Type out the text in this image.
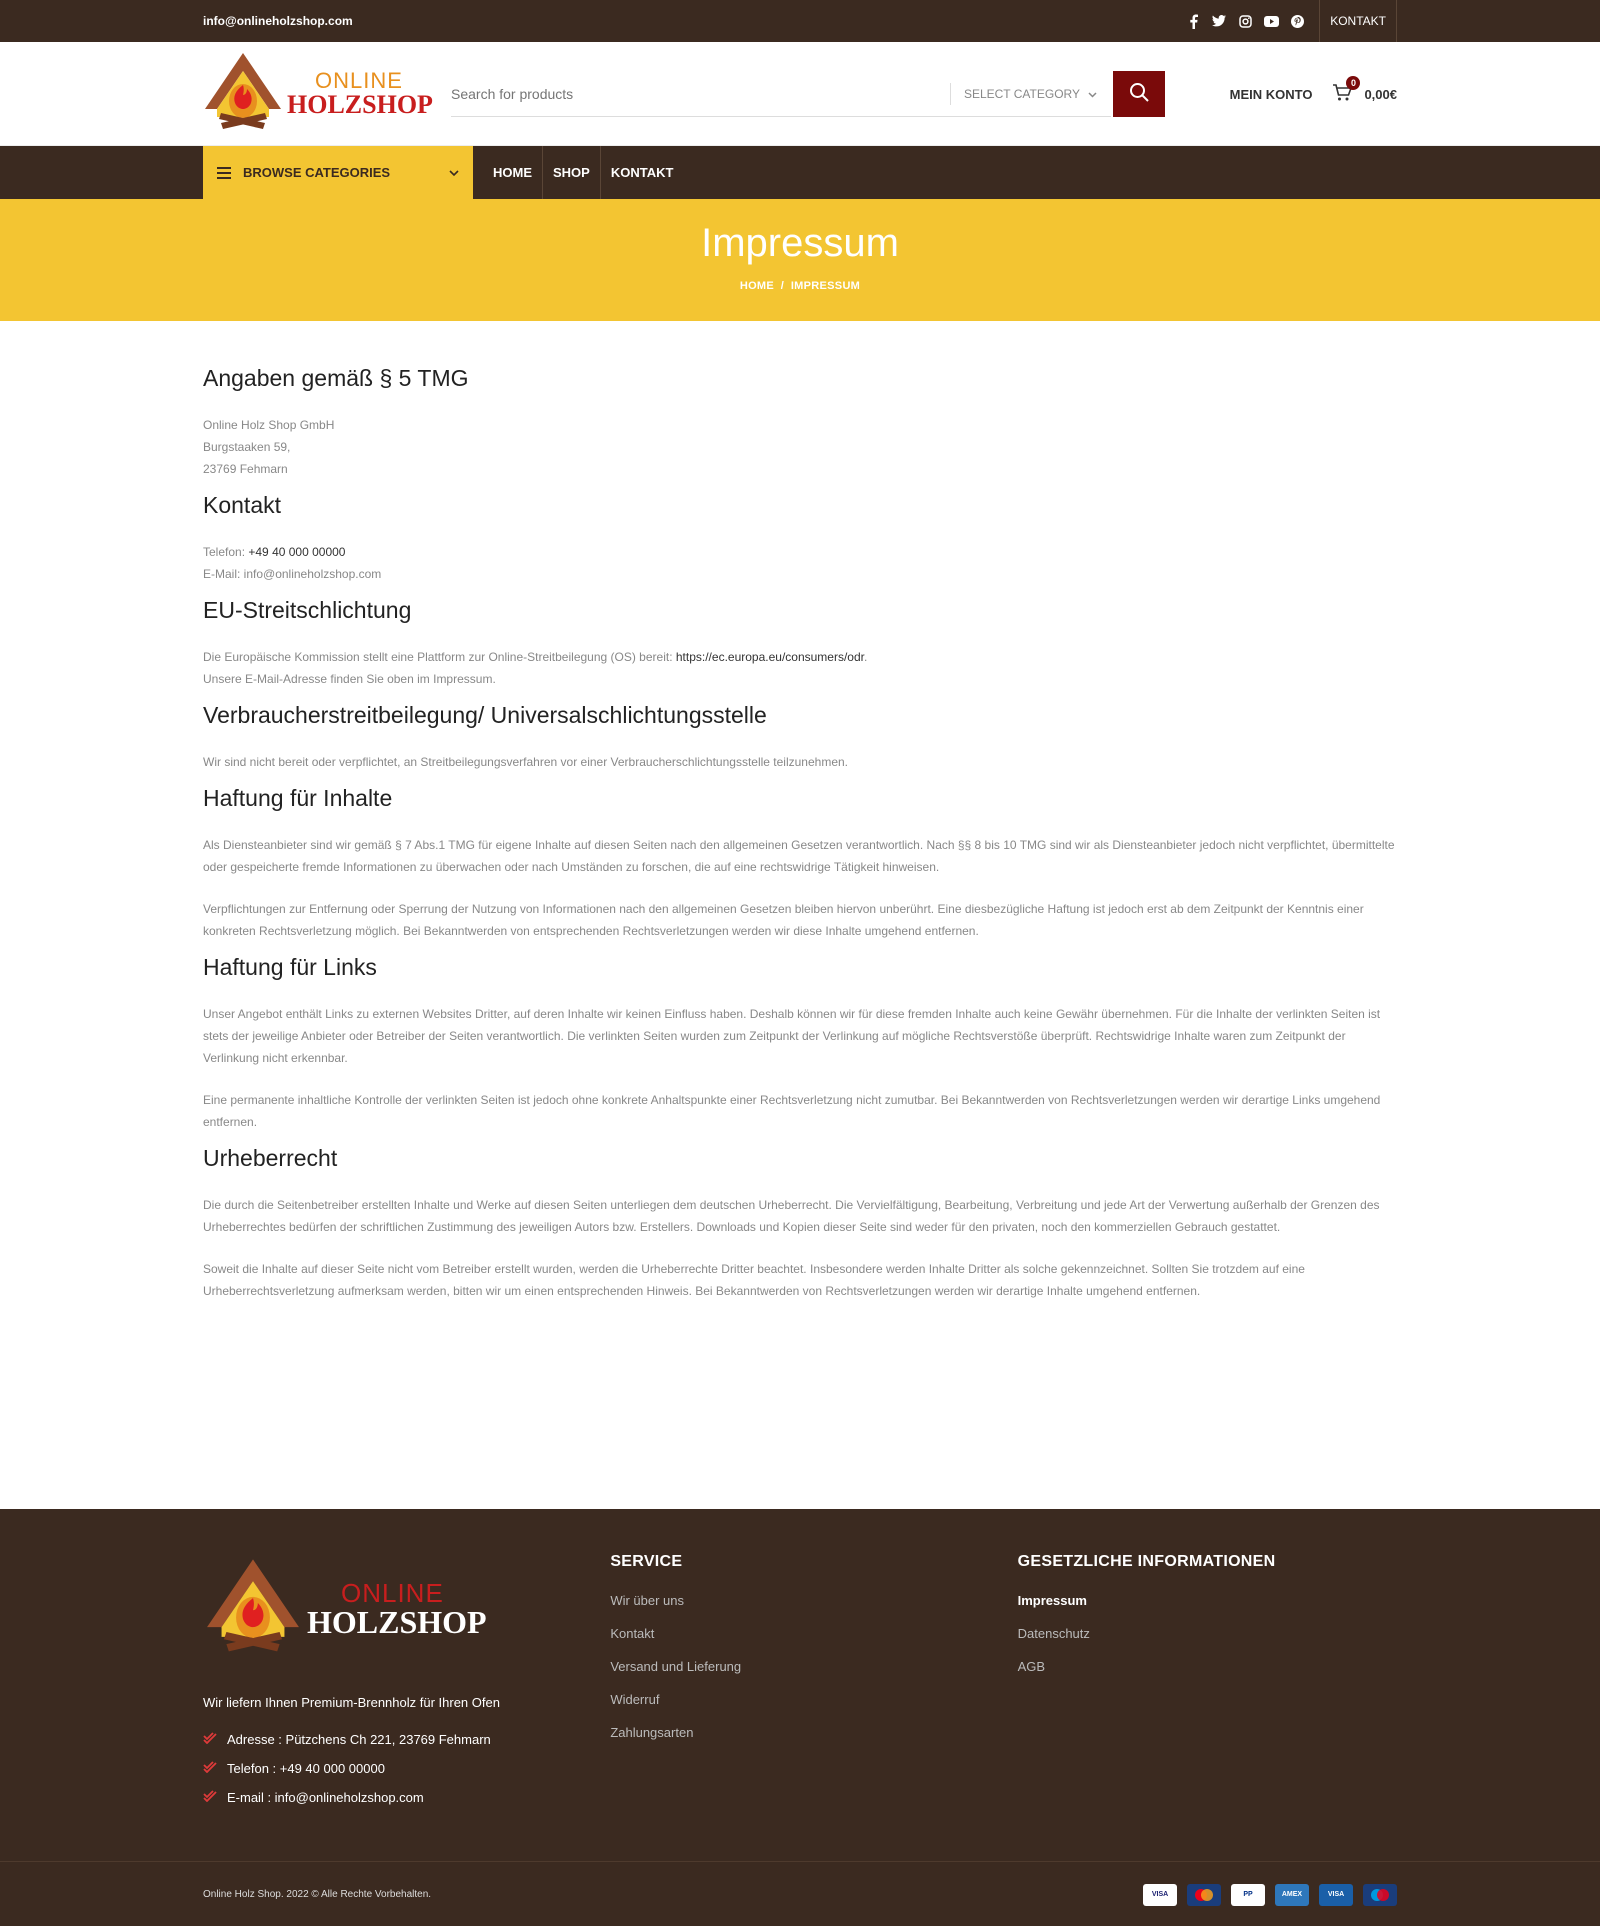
info@onlineholzshop.com	KONTAKT
ONLINE
HOLZSHOP
Search for products	SELECT CATEGORY	MEIN KONTO
0
0,00€
BROWSE CATEGORIES	HOME	SHOP	KONTAKT
Impressum
HOME / IMPRESSUM
Angaben gemäß § 5 TMG

Online Holz Shop GmbH
Burgstaaken 59,
23769 Fehmarn

Kontakt

Telefon: +49 40 000 00000
E-Mail: info@onlineholzshop.com

EU-Streitschlichtung

Die Europäische Kommission stellt eine Plattform zur Online-Streitbeilegung (OS) bereit: https://ec.europa.eu/consumers/odr.
Unsere E-Mail-Adresse finden Sie oben im Impressum.

Verbraucherstreitbeilegung/ Universalschlichtungsstelle

Wir sind nicht bereit oder verpflichtet, an Streitbeilegungsverfahren vor einer Verbraucherschlichtungsstelle teilzunehmen.

Haftung für Inhalte

Als Diensteanbieter sind wir gemäß § 7 Abs.1 TMG für eigene Inhalte auf diesen Seiten nach den allgemeinen Gesetzen verantwortlich. Nach §§ 8 bis 10 TMG sind wir als Diensteanbieter jedoch nicht verpflichtet, übermittelte oder gespeicherte fremde Informationen zu überwachen oder nach Umständen zu forschen, die auf eine rechtswidrige Tätigkeit hinweisen.

Verpflichtungen zur Entfernung oder Sperrung der Nutzung von Informationen nach den allgemeinen Gesetzen bleiben hiervon unberührt. Eine diesbezügliche Haftung ist jedoch erst ab dem Zeitpunkt der Kenntnis einer konkreten Rechtsverletzung möglich. Bei Bekanntwerden von entsprechenden Rechtsverletzungen werden wir diese Inhalte umgehend entfernen.

Haftung für Links

Unser Angebot enthält Links zu externen Websites Dritter, auf deren Inhalte wir keinen Einfluss haben. Deshalb können wir für diese fremden Inhalte auch keine Gewähr übernehmen. Für die Inhalte der verlinkten Seiten ist stets der jeweilige Anbieter oder Betreiber der Seiten verantwortlich. Die verlinkten Seiten wurden zum Zeitpunkt der Verlinkung auf mögliche Rechtsverstöße überprüft. Rechtswidrige Inhalte waren zum Zeitpunkt der Verlinkung nicht erkennbar.

Eine permanente inhaltliche Kontrolle der verlinkten Seiten ist jedoch ohne konkrete Anhaltspunkte einer Rechtsverletzung nicht zumutbar. Bei Bekanntwerden von Rechtsverletzungen werden wir derartige Links umgehend entfernen.

Urheberrecht

Die durch die Seitenbetreiber erstellten Inhalte und Werke auf diesen Seiten unterliegen dem deutschen Urheberrecht. Die Vervielfältigung, Bearbeitung, Verbreitung und jede Art der Verwertung außerhalb der Grenzen des Urheberrechtes bedürfen der schriftlichen Zustimmung des jeweiligen Autors bzw. Erstellers. Downloads und Kopien dieser Seite sind weder für den privaten, noch den kommerziellen Gebrauch gestattet.

Soweit die Inhalte auf dieser Seite nicht vom Betreiber erstellt wurden, werden die Urheberrechte Dritter beachtet. Insbesondere werden Inhalte Dritter als solche gekennzeichnet. Sollten Sie trotzdem auf eine Urheberrechtsverletzung aufmerksam werden, bitten wir um einen entsprechenden Hinweis. Bei Bekanntwerden von Rechtsverletzungen werden wir derartige Inhalte umgehend entfernen.

ONLINE
HOLZSHOP
Wir liefern Ihnen Premium-Brennholz für Ihren Ofen
Adresse : Pützchens Ch 221, 23769 Fehmarn
Telefon : +49 40 000 00000
E-mail : info@onlineholzshop.com
SERVICE
Wir über uns
Kontakt
Versand und Lieferung
Widerruf
Zahlungsarten
GESETZLICHE INFORMATIONEN
Impressum
Datenschutz
AGB
Online Holz Shop. 2022 © Alle Rechte Vorbehalten.	VISA	PP	AMEX	VISA
